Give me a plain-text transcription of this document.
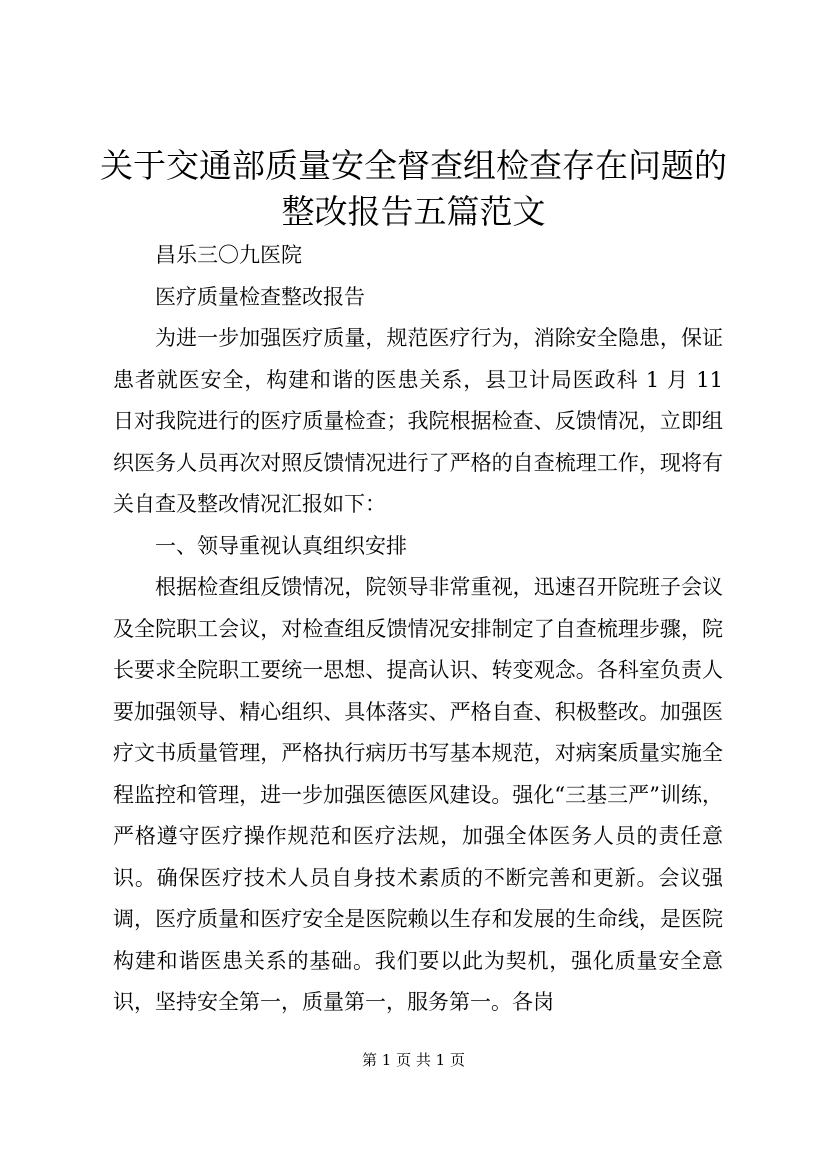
关于交通部质量安全督查组检查存在问题的整改报告五篇范文

昌乐三〇九医院

医疗质量检查整改报告

为进一步加强医疗质量，规范医疗行为，消除安全隐患，保证患者就医安全，构建和谐的医患关系，县卫计局医政科 1 月 11 日对我院进行的医疗质量检查；我院根据检查、反馈情况，立即组织医务人员再次对照反馈情况进行了严格的自查梳理工作，现将有关自查及整改情况汇报如下：

一、领导重视认真组织安排

根据检查组反馈情况，院领导非常重视，迅速召开院班子会议及全院职工会议，对检查组反馈情况安排制定了自查梳理步骤，院长要求全院职工要统一思想、提高认识、转变观念。各科室负责人要加强领导、精心组织、具体落实、严格自查、积极整改。加强医疗文书质量管理，严格执行病历书写基本规范，对病案质量实施全程监控和管理，进一步加强医德医风建设。强化“三基三严”训练，严格遵守医疗操作规范和医疗法规，加强全体医务人员的责任意识。确保医疗技术人员自身技术素质的不断完善和更新。会议强调，医疗质量和医疗安全是医院赖以生存和发展的生命线，是医院构建和谐医患关系的基础。我们要以此为契机，强化质量安全意识，坚持安全第一，质量第一，服务第一。各岗

第 1 页 共 1 页
